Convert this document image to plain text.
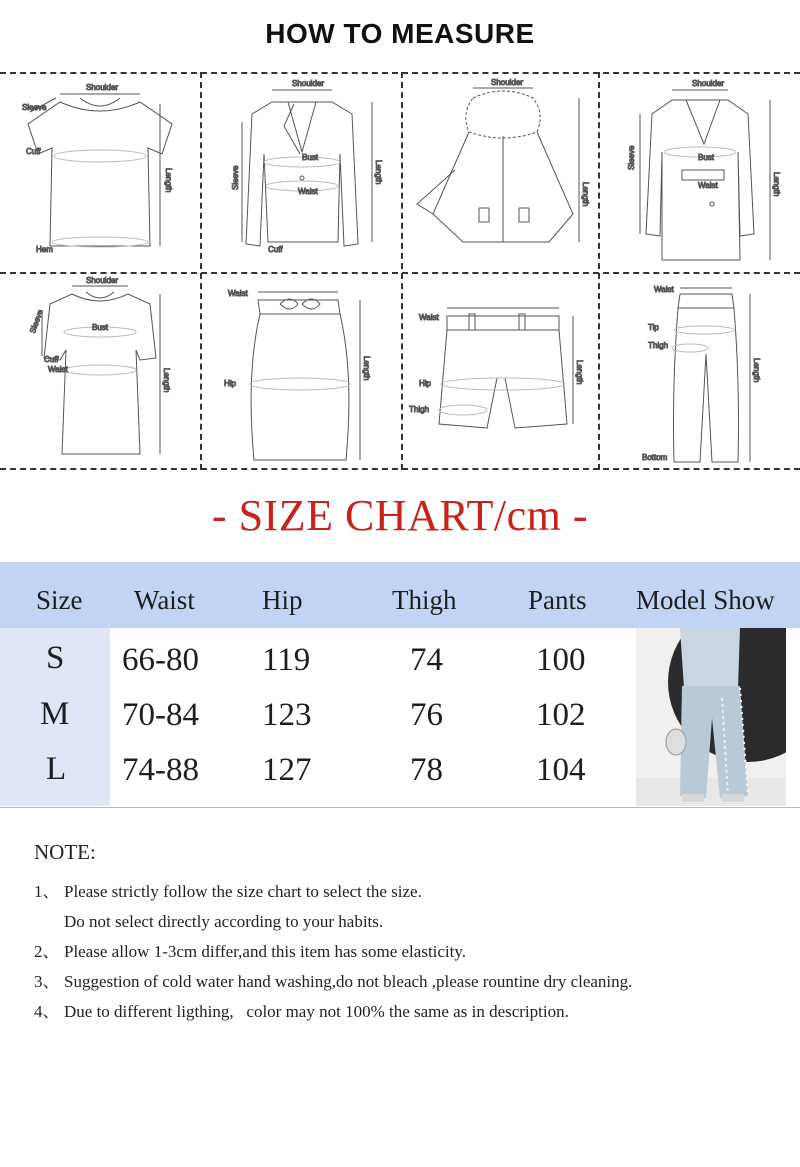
HOW TO MEASURE
Shoulder
Sleeve
Cuff
Hem
Length
Shoulder
Bust
Waist
Cuff
Sleeve	Length
Shoulder
Length
Shoulder
Bust
Waist
Sleeve
Length
Shoulder
Bust
Cuff
Waist
Sleeve
Length
Waist
Hip
Length
Waist
Hip
Thigh
Length
Waist
Tip
Thigh
Bottom
Length
- SIZE CHART/cm -
Size Waist Hip	Thigh	Pants Model Show
S 66-80 119	74	100
M 70-84 123	76	102
L 74-88 127	78	104
NOTE:
1、 Please strictly follow the size chart to select the size.
Do not select directly according to your habits.
2、 Please allow 1-3cm differ,and this item has some elasticity.
3、 Suggestion of cold water hand washing,do not bleach ,please rountine dry cleaning.
4、 Due to different ligthing,   color may not 100% the same as in description.
